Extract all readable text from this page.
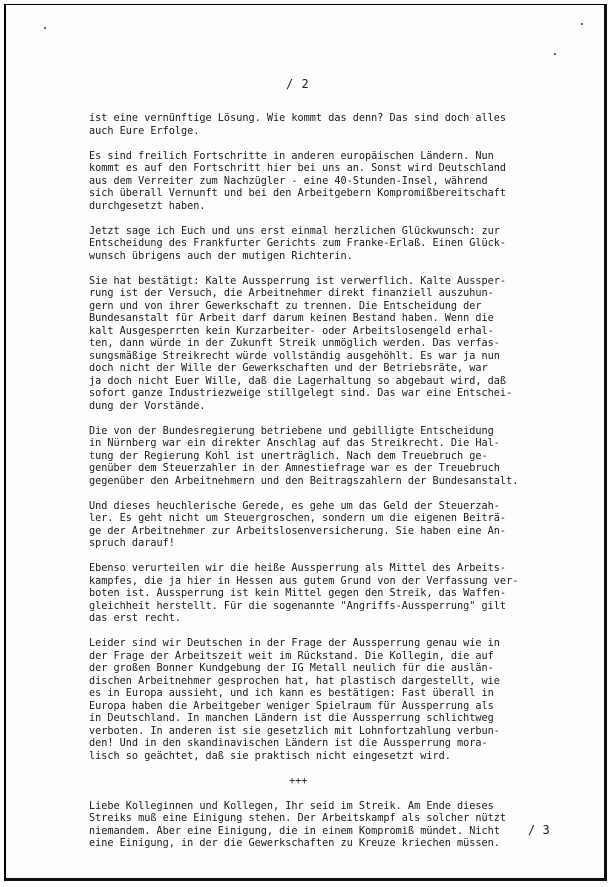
/ 2

ist eine vernünftige Lösung. Wie kommt das denn? Das sind doch alles
auch Eure Erfolge.

Es sind freilich Fortschritte in anderen europäischen Ländern. Nun
kommt es auf den Fortschritt hier bei uns an. Sonst wird Deutschland
aus dem Verreiter zum Nachzügler - eine 40-Stunden-Insel, während
sich überall Vernunft und bei den Arbeitgebern Kompromißbereitschaft
durchgesetzt haben.

Jetzt sage ich Euch und uns erst einmal herzlichen Glückwunsch: zur
Entscheidung des Frankfurter Gerichts zum Franke-Erlaß. Einen Glück-
wunsch übrigens auch der mutigen Richterin.

Sie hat bestätigt: Kalte Aussperrung ist verwerflich. Kalte Aussper-
rung ist der Versuch, die Arbeitnehmer direkt finanziell auszuhun-
gern und von ihrer Gewerkschaft zu trennen. Die Entscheidung der
Bundesanstalt für Arbeit darf darum keinen Bestand haben. Wenn die
kalt Ausgesperrten kein Kurzarbeiter- oder Arbeitslosengeld erhal-
ten, dann würde in der Zukunft Streik unmöglich werden. Das verfas-
sungsmäßige Streikrecht würde vollständig ausgehöhlt. Es war ja nun
doch nicht der Wille der Gewerkschaften und der Betriebsräte, war
ja doch nicht Euer Wille, daß die Lagerhaltung so abgebaut wird, daß
sofort ganze Industriezweige stillgelegt sind. Das war eine Entschei-
dung der Vorstände.

Die von der Bundesregierung betriebene und gebilligte Entscheidung
in Nürnberg war ein direkter Anschlag auf das Streikrecht. Die Hal-
tung der Regierung Kohl ist unerträglich. Nach dem Treuebruch ge-
genüber dem Steuerzahler in der Amnestiefrage war es der Treuebruch
gegenüber den Arbeitnehmern und den Beitragszahlern der Bundesanstalt.

Und dieses heuchlerische Gerede, es gehe um das Geld der Steuerzah-
ler. Es geht nicht um Steuergroschen, sondern um die eigenen Beiträ-
ge der Arbeitnehmer zur Arbeitslosenversicherung. Sie haben eine An-
spruch darauf!

Ebenso verurteilen wir die heiße Aussperrung als Mittel des Arbeits-
kampfes, die ja hier in Hessen aus gutem Grund von der Verfassung ver-
boten ist. Aussperrung ist kein Mittel gegen den Streik, das Waffen-
gleichheit herstellt. Für die sogenannte "Angriffs-Aussperrung" gilt
das erst recht.

Leider sind wir Deutschen in der Frage der Aussperrung genau wie in
der Frage der Arbeitszeit weit im Rückstand. Die Kollegin, die auf
der großen Bonner Kundgebung der IG Metall neulich für die auslän-
dischen Arbeitnehmer gesprochen hat, hat plastisch dargestellt, wie
es in Europa aussieht, und ich kann es bestätigen: Fast überall in
Europa haben die Arbeitgeber weniger Spielraum für Aussperrung als
in Deutschland. In manchen Ländern ist die Aussperrung schlichtweg
verboten. In anderen ist sie gesetzlich mit Lohnfortzahlung verbun-
den! Und in den skandinavischen Ländern ist die Aussperrung mora-
lisch so geächtet, daß sie praktisch nicht eingesetzt wird.

+++

Liebe Kolleginnen und Kollegen, Ihr seid im Streik. Am Ende dieses
Streiks muß eine Einigung stehen. Der Arbeitskampf als solcher nützt
niemandem. Aber eine Einigung, die in einem Kompromiß mündet. Nicht
eine Einigung, in der die Gewerkschaften zu Kreuze kriechen müssen.

/ 3
